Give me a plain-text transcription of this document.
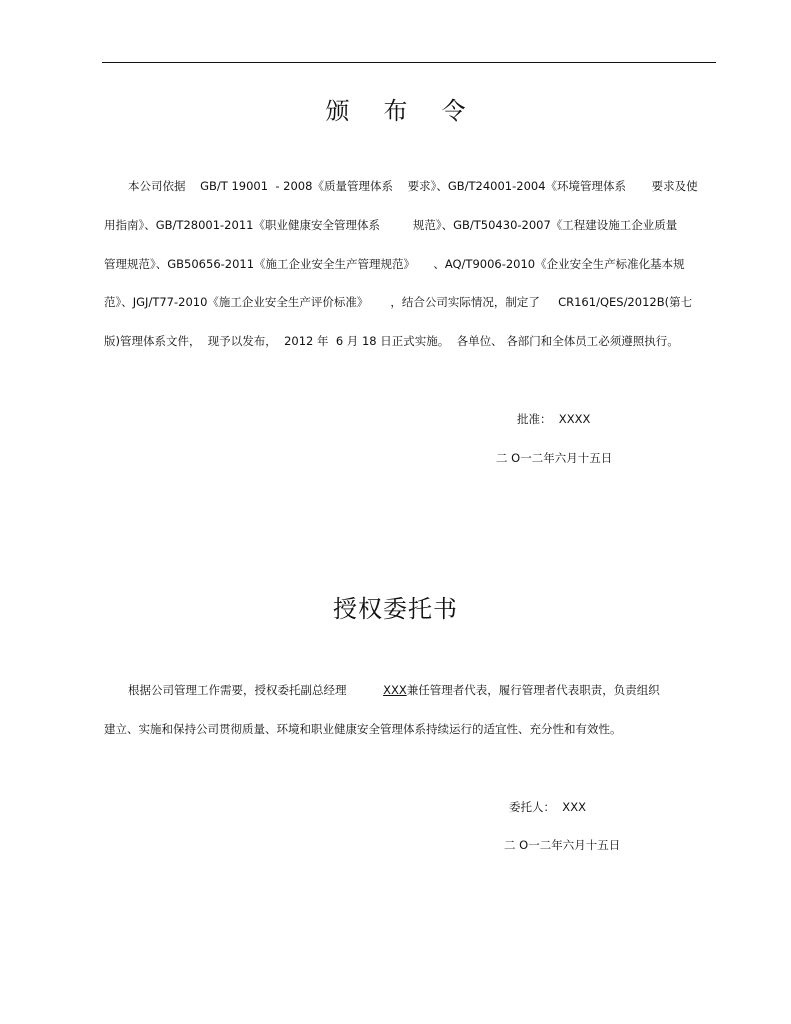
颁布令

本公司依据    GB/T 19001  - 2008《质量管理体系    要求》、GB/T24001-2004《环境管理体系       要求及使

用指南》、GB/T28001-2011《职业健康安全管理体系         规范》、GB/T50430-2007《工程建设施工企业质量

管理规范》、GB50656-2011《施工企业安全生产管理规范》     、AQ/T9006-2010《企业安全生产标准化基本规

范》、JGJ/T77-2010《施工企业安全生产评价标准》      ，结合公司实际情况，制定了     CR161/QES/2012B(第七

版)管理体系文件，  现予以发布，  2012 年  6 月 18 日正式实施。  各单位、 各部门和全体员工必须遵照执行。

批准：  XXXX

二 O一二年六月十五日

授权委托书

根据公司管理工作需要，授权委托副总经理          XXX兼任管理者代表，履行管理者代表职责，负责组织

建立、实施和保持公司贯彻质量、环境和职业健康安全管理体系持续运行的适宜性、充分性和有效性。

委托人：  XXX

二 O一二年六月十五日
